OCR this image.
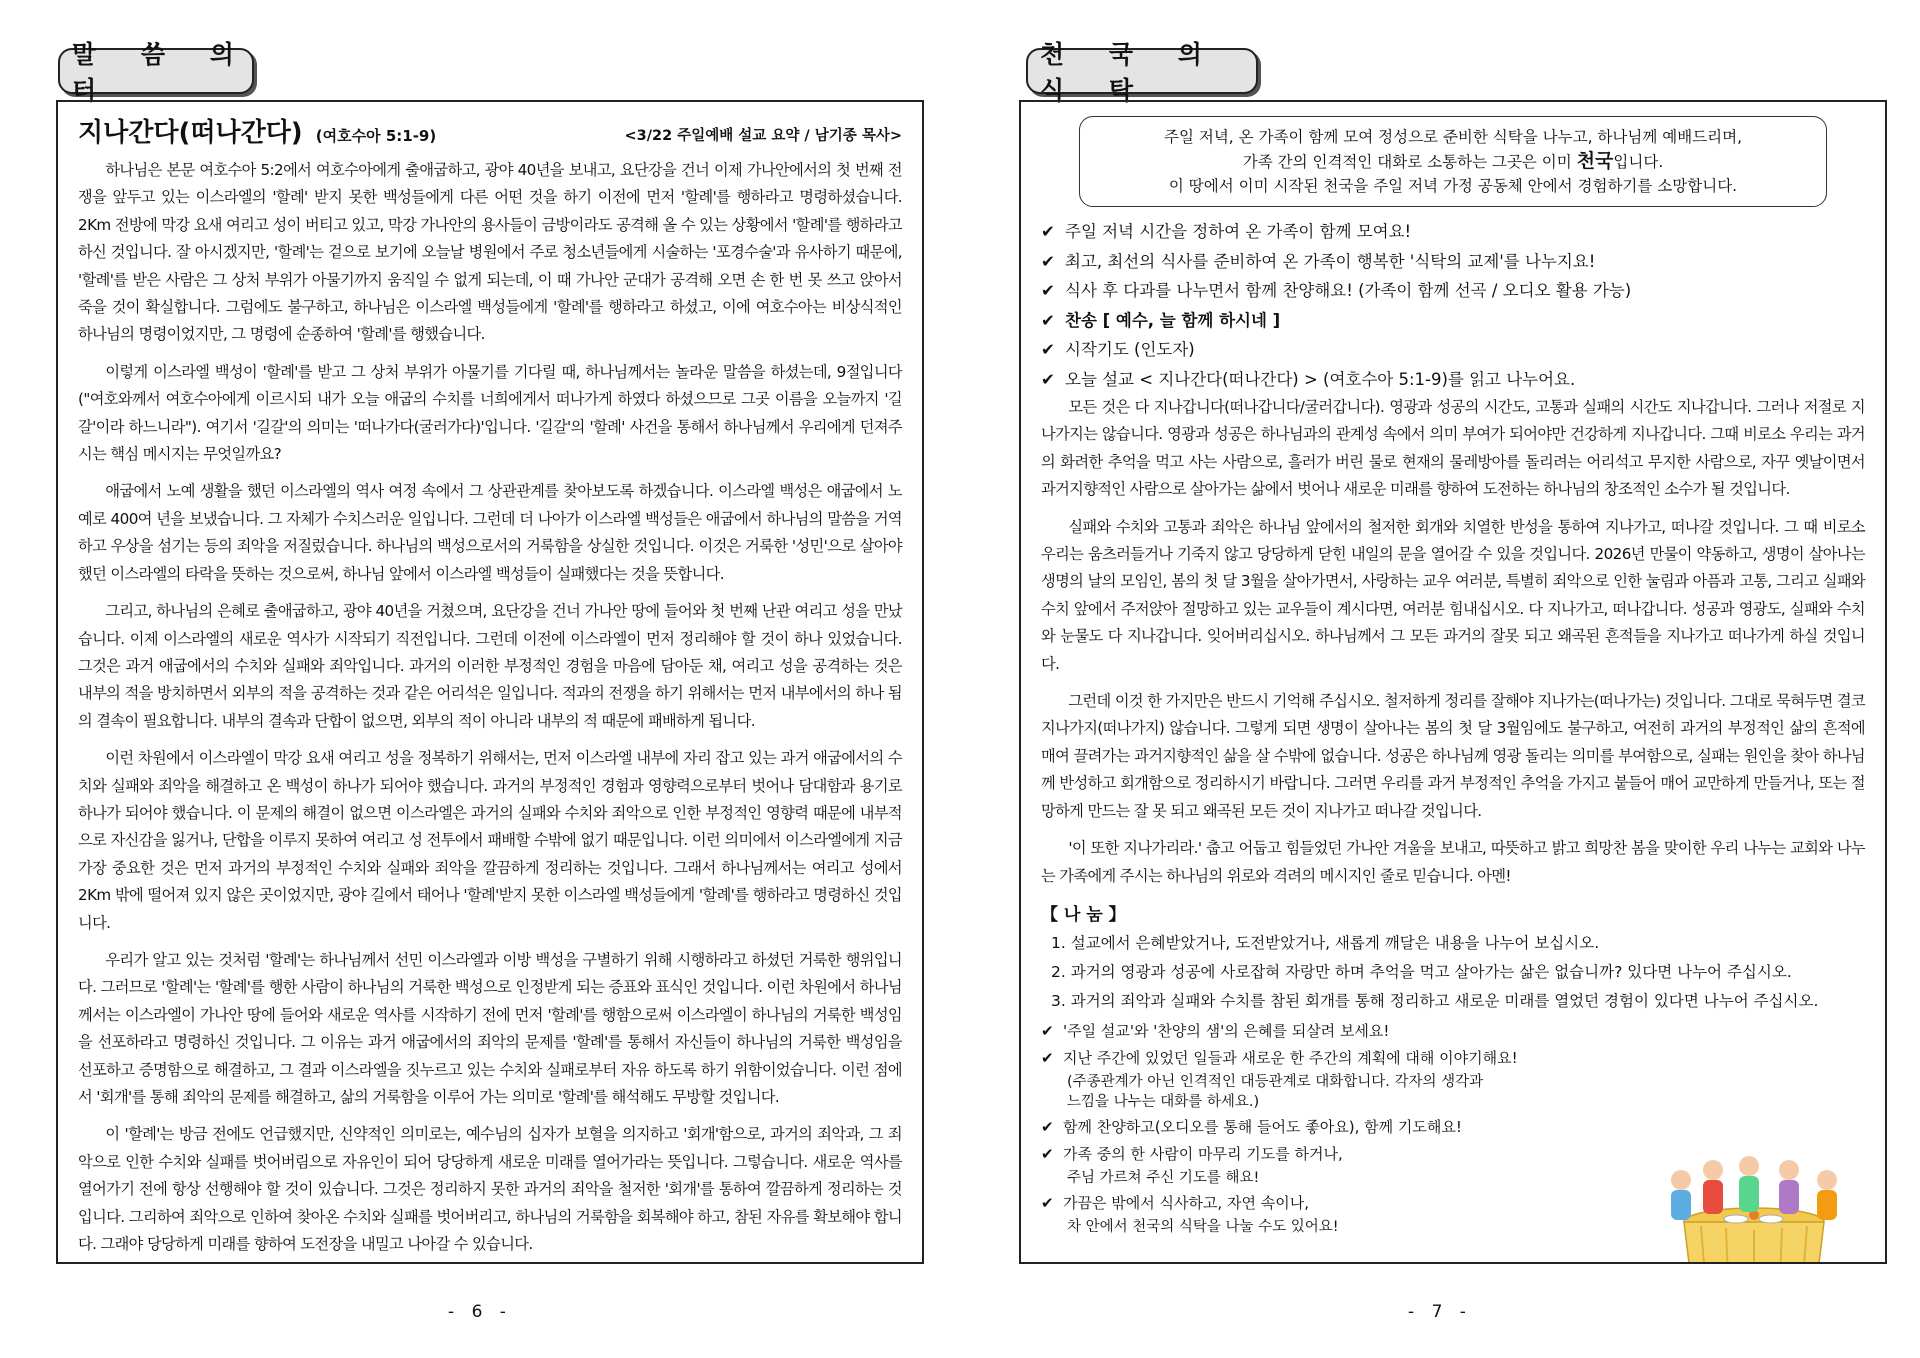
말 씀 의 터
지나간다(떠나간다) (여호수아 5:1-9)	<3/22 주일예배 설교 요약 / 남기종 목사>

하나님은 본문 여호수아 5:2에서 여호수아에게 출애굽하고, 광야 40년을 보내고, 요단강을 건너 이제 가나안에서의 첫 번째 전쟁을 앞두고 있는 이스라엘의 '할례' 받지 못한 백성들에게 다른 어떤 것을 하기 이전에 먼저 '할례'를 행하라고 명령하셨습니다. 2Km 전방에 막강 요새 여리고 성이 버티고 있고, 막강 가나안의 용사들이 금방이라도 공격해 올 수 있는 상황에서 '할례'를 행하라고 하신 것입니다. 잘 아시겠지만, '할례'는 겉으로 보기에 오늘날 병원에서 주로 청소년들에게 시술하는 '포경수술'과 유사하기 때문에, '할례'를 받은 사람은 그 상처 부위가 아물기까지 움직일 수 없게 되는데, 이 때 가나안 군대가 공격해 오면 손 한 번 못 쓰고 앉아서 죽을 것이 확실합니다. 그럼에도 불구하고, 하나님은 이스라엘 백성들에게 '할례'를 행하라고 하셨고, 이에 여호수아는 비상식적인 하나님의 명령이었지만, 그 명령에 순종하여 '할례'를 행했습니다.

이렇게 이스라엘 백성이 '할례'를 받고 그 상처 부위가 아물기를 기다릴 때, 하나님께서는 놀라운 말씀을 하셨는데, 9절입니다("여호와께서 여호수아에게 이르시되 내가 오늘 애굽의 수치를 너희에게서 떠나가게 하였다 하셨으므로 그곳 이름을 오늘까지 '길갈'이라 하느니라"). 여기서 '길갈'의 의미는 '떠나가다(굴러가다)'입니다. '길갈'의 '할례' 사건을 통해서 하나님께서 우리에게 던져주시는 핵심 메시지는 무엇일까요?

애굽에서 노예 생활을 했던 이스라엘의 역사 여정 속에서 그 상관관계를 찾아보도록 하겠습니다. 이스라엘 백성은 애굽에서 노예로 400여 년을 보냈습니다. 그 자체가 수치스러운 일입니다. 그런데 더 나아가 이스라엘 백성들은 애굽에서 하나님의 말씀을 거역하고 우상을 섬기는 등의 죄악을 저질렀습니다. 하나님의 백성으로서의 거룩함을 상실한 것입니다. 이것은 거룩한 '성민'으로 살아야 했던 이스라엘의 타락을 뜻하는 것으로써, 하나님 앞에서 이스라엘 백성들이 실패했다는 것을 뜻합니다.

그리고, 하나님의 은혜로 출애굽하고, 광야 40년을 거쳤으며, 요단강을 건너 가나안 땅에 들어와 첫 번째 난관 여리고 성을 만났습니다. 이제 이스라엘의 새로운 역사가 시작되기 직전입니다. 그런데 이전에 이스라엘이 먼저 정리해야 할 것이 하나 있었습니다. 그것은 과거 애굽에서의 수치와 실패와 죄악입니다. 과거의 이러한 부정적인 경험을 마음에 담아둔 채, 여리고 성을 공격하는 것은 내부의 적을 방치하면서 외부의 적을 공격하는 것과 같은 어리석은 일입니다. 적과의 전쟁을 하기 위해서는 먼저 내부에서의 하나 됨의 결속이 필요합니다. 내부의 결속과 단합이 없으면, 외부의 적이 아니라 내부의 적 때문에 패배하게 됩니다.

이런 차원에서 이스라엘이 막강 요새 여리고 성을 정복하기 위해서는, 먼저 이스라엘 내부에 자리 잡고 있는 과거 애굽에서의 수치와 실패와 죄악을 해결하고 온 백성이 하나가 되어야 했습니다. 과거의 부정적인 경험과 영향력으로부터 벗어나 담대함과 용기로 하나가 되어야 했습니다. 이 문제의 해결이 없으면 이스라엘은 과거의 실패와 수치와 죄악으로 인한 부정적인 영향력 때문에 내부적으로 자신감을 잃거나, 단합을 이루지 못하여 여리고 성 전투에서 패배할 수밖에 없기 때문입니다. 이런 의미에서 이스라엘에게 지금 가장 중요한 것은 먼저 과거의 부정적인 수치와 실패와 죄악을 깔끔하게 정리하는 것입니다. 그래서 하나님께서는 여리고 성에서 2Km 밖에 떨어져 있지 않은 곳이었지만, 광야 길에서 태어나 '할례'받지 못한 이스라엘 백성들에게 '할례'를 행하라고 명령하신 것입니다.

우리가 알고 있는 것처럼 '할례'는 하나님께서 선민 이스라엘과 이방 백성을 구별하기 위해 시행하라고 하셨던 거룩한 행위입니다. 그러므로 '할례'는 '할례'를 행한 사람이 하나님의 거룩한 백성으로 인정받게 되는 증표와 표식인 것입니다. 이런 차원에서 하나님께서는 이스라엘이 가나안 땅에 들어와 새로운 역사를 시작하기 전에 먼저 '할례'를 행함으로써 이스라엘이 하나님의 거룩한 백성임을 선포하라고 명령하신 것입니다. 그 이유는 과거 애굽에서의 죄악의 문제를 '할례'를 통해서 자신들이 하나님의 거룩한 백성임을 선포하고 증명함으로 해결하고, 그 결과 이스라엘을 짓누르고 있는 수치와 실패로부터 자유 하도록 하기 위함이었습니다. 이런 점에서 '회개'를 통해 죄악의 문제를 해결하고, 삶의 거룩함을 이루어 가는 의미로 '할례'를 해석해도 무방할 것입니다.

이 '할례'는 방금 전에도 언급했지만, 신약적인 의미로는, 예수님의 십자가 보혈을 의지하고 '회개'함으로, 과거의 죄악과, 그 죄악으로 인한 수치와 실패를 벗어버림으로 자유인이 되어 당당하게 새로운 미래를 열어가라는 뜻입니다. 그렇습니다. 새로운 역사를 열어가기 전에 항상 선행해야 할 것이 있습니다. 그것은 정리하지 못한 과거의 죄악을 철저한 '회개'를 통하여 깔끔하게 정리하는 것입니다. 그리하여 죄악으로 인하여 찾아온 수치와 실패를 벗어버리고, 하나님의 거룩함을 회복해야 하고, 참된 자유를 확보해야 합니다. 그래야 당당하게 미래를 향하여 도전장을 내밀고 나아갈 수 있습니다.

- 6 -
천 국 의 식 탁
주일 저녁, 온 가족이 함께 모여 정성으로 준비한 식탁을 나누고, 하나님께 예배드리며,
가족 간의 인격적인 대화로 소통하는 그곳은 이미 천국입니다.
이 땅에서 이미 시작된 천국을 주일 저녁 가정 공동체 안에서 경험하기를 소망합니다.

✔ 주일 저녁 시간을 정하여 온 가족이 함께 모여요!

✔ 최고, 최선의 식사를 준비하여 온 가족이 행복한 '식탁의 교제'를 나누지요!

✔ 식사 후 다과를 나누면서 함께 찬양해요! (가족이 함께 선곡 / 오디오 활용 가능)

✔ 찬송 [ 예수, 늘 함께 하시네 ]

✔ 시작기도 (인도자)

✔ 오늘 설교 < 지나간다(떠나간다) > (여호수아 5:1-9)를 읽고 나누어요.

모든 것은 다 지나갑니다(떠나갑니다/굴러갑니다). 영광과 성공의 시간도, 고통과 실패의 시간도 지나갑니다. 그러나 저절로 지나가지는 않습니다. 영광과 성공은 하나님과의 관계성 속에서 의미 부여가 되어야만 건강하게 지나갑니다. 그때 비로소 우리는 과거의 화려한 추억을 먹고 사는 사람으로, 흘러가 버린 물로 현재의 물레방아를 돌리려는 어리석고 무지한 사람으로, 자꾸 옛날이면서 과거지향적인 사람으로 살아가는 삶에서 벗어나 새로운 미래를 향하여 도전하는 하나님의 창조적인 소수가 될 것입니다.

실패와 수치와 고통과 죄악은 하나님 앞에서의 철저한 회개와 치열한 반성을 통하여 지나가고, 떠나갈 것입니다. 그 때 비로소 우리는 움츠러들거나 기죽지 않고 당당하게 닫힌 내일의 문을 열어갈 수 있을 것입니다. 2026년 만물이 약동하고, 생명이 살아나는 생명의 날의 모임인, 봄의 첫 달 3월을 살아가면서, 사랑하는 교우 여러분, 특별히 죄악으로 인한 눌림과 아픔과 고통, 그리고 실패와 수치 앞에서 주저앉아 절망하고 있는 교우들이 계시다면, 여러분 힘내십시오. 다 지나가고, 떠나갑니다. 성공과 영광도, 실패와 수치와 눈물도 다 지나갑니다. 잊어버리십시오. 하나님께서 그 모든 과거의 잘못 되고 왜곡된 흔적들을 지나가고 떠나가게 하실 것입니다.

그런데 이것 한 가지만은 반드시 기억해 주십시오. 철저하게 정리를 잘해야 지나가는(떠나가는) 것입니다. 그대로 묵혀두면 결코 지나가지(떠나가지) 않습니다. 그렇게 되면 생명이 살아나는 봄의 첫 달 3월임에도 불구하고, 여전히 과거의 부정적인 삶의 흔적에 매여 끌려가는 과거지향적인 삶을 살 수밖에 없습니다. 성공은 하나님께 영광 돌리는 의미를 부여함으로, 실패는 원인을 찾아 하나님께 반성하고 회개함으로 정리하시기 바랍니다. 그러면 우리를 과거 부정적인 추억을 가지고 붙들어 매어 교만하게 만들거나, 또는 절망하게 만드는 잘 못 되고 왜곡된 모든 것이 지나가고 떠나갈 것입니다.

'이 또한 지나가리라.' 춥고 어둡고 힘들었던 가나안 겨울을 보내고, 따뜻하고 밝고 희망찬 봄을 맞이한 우리 나누는 교회와 나누는 가족에게 주시는 하나님의 위로와 격려의 메시지인 줄로 믿습니다. 아멘!

【 나 눔 】

1. 설교에서 은혜받았거나, 도전받았거나, 새롭게 깨달은 내용을 나누어 보십시오.

2. 과거의 영광과 성공에 사로잡혀 자랑만 하며 추억을 먹고 살아가는 삶은 없습니까? 있다면 나누어 주십시오.

3. 과거의 죄악과 실패와 수치를 참된 회개를 통해 정리하고 새로운 미래를 열었던 경험이 있다면 나누어 주십시오.

✔ '주일 설교'와 '찬양의 샘'의 은혜를 되살려 보세요!

✔ 지난 주간에 있었던 일들과 새로운 한 주간의 계획에 대해 이야기해요!

(주종관계가 아닌 인격적인 대등관계로 대화합니다. 각자의 생각과 느낌을 나누는 대화를 하세요.)

✔ 함께 찬양하고(오디오를 통해 들어도 좋아요), 함께 기도해요!

✔ 가족 중의 한 사람이 마무리 기도를 하거나,

주님 가르쳐 주신 기도를 해요!

✔ 가끔은 밖에서 식사하고, 자연 속이나,

차 안에서 천국의 식탁을 나눌 수도 있어요!

- 7 -
